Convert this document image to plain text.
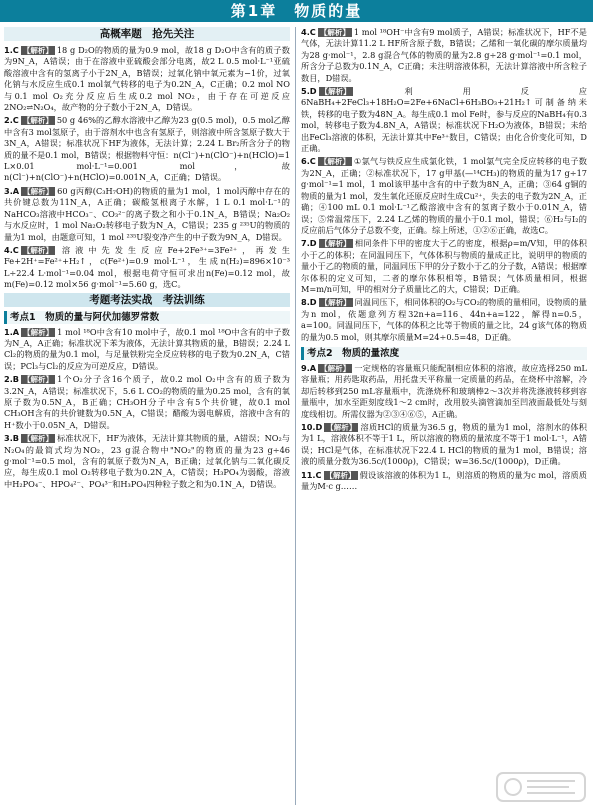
第1章　物质的量
高概率题　抢先关注

1.C 【解析】 18 g D₂O的物质的量为0.9 mol，故18 g D₂O中含有的质子数为9N_A，A错误；由于在溶液中亚硫酸会部分电离，故2 L 0.5 mol·L⁻¹亚硫酸溶液中含有的氢离子小于2N_A，B错误；过氧化钠中氧元素为−1价，过氧化钠与水反应生成0.1 mol氧气转移的电子为0.2N_A，C正确；0.2 mol NO与0.1 mol O₂充分反应后生成0.2 mol NO₂，由于存在可逆反应2NO₂⇌N₂O₄，故产物的分子数小于2N_A，D错误。

2.C 【解析】 50 g 46%的乙醇水溶液中乙醇为23 g(0.5 mol)，0.5 mol乙醇中含有3 mol氢原子，由于溶剂水中也含有氢原子，则溶液中所含氢原子数大于3N_A，A错误；标准状况下HF为液体，无法计算；2.24 L Br₂所含分子的物质的量不是0.1 mol，B错误；根据物料守恒：n(Cl⁻)+n(ClO⁻)+n(HClO)=1 L×0.01 mol·L⁻¹=0.001 mol，故n(Cl⁻)+n(ClO⁻)+n(HClO)=0.001N_A，C正确；D错误。

3.A 【解析】 60 g丙醇(C₃H₇OH)的物质的量为1 mol，1 mol丙醇中存在的共价键总数为11N_A，A正确；碳酸氢根离子水解，1 L 0.1 mol·L⁻¹的NaHCO₃溶液中HCO₃⁻、CO₃²⁻的离子数之和小于0.1N_A，B错误；Na₂O₂与水反应时，1 mol Na₂O₂转移电子数为N_A，C错误；235 g ²³⁵U的物质的量为1 mol，由题意可知，1 mol ²³⁵U裂变净产生的中子数为9N_A，D错误。

4.C 【解析】 溶液中先发生反应Fe+2Fe³⁺=3Fe²⁺，再发生Fe+2H⁺=Fe²⁺+H₂↑，c(Fe²⁺)=0.9 mol·L⁻¹，生成n(H₂)=896×10⁻³ L÷22.4 L·mol⁻¹=0.04 mol，根据电荷守恒可求出n(Fe)=0.12 mol，故m(Fe)=0.12 mol×56 g·mol⁻¹=5.60 g，选C。

考题考法实战　考法训练
考点1　物质的量与阿伏加德罗常数

1.A 【解析】 1 mol ¹⁸O中含有10 mol中子，故0.1 mol ¹⁸O中含有的中子数为N_A，A正确；标准状况下苯为液体，无法计算其物质的量，B错误；2.24 L Cl₂的物质的量为0.1 mol，与足量铁粉完全反应转移的电子数为0.2N_A，C错误；PCl₃与Cl₂的反应为可逆反应，D错误。

2.B 【解析】 1个O₂分子含16个质子，故0.2 mol O₂中含有的质子数为3.2N_A，A错误；标准状况下，5.6 L CO₂的物质的量为0.25 mol，含有的氧原子数为0.5N_A，B正确；CH₃OH分子中含有5个共价键，故0.1 mol CH₃OH含有的共价键数为0.5N_A，C错误；醋酸为弱电解质，溶液中含有的H⁺数小于0.05N_A，D错误。

3.B 【解析】 标准状况下，HF为液体，无法计算其物质的量，A错误；NO₂与N₂O₄的最简式均为NO₂，23 g混合物中"NO₂"的物质的量为23 g÷46 g·mol⁻¹=0.5 mol，含有的氧原子数为N_A，B正确；过氧化钠与二氧化碳反应，每生成0.1 mol O₂转移电子数为0.2N_A，C错误；H₃PO₄为弱酸，溶液中H₂PO₄⁻、HPO₄²⁻、PO₄³⁻和H₃PO₄四种粒子数之和为0.1N_A，D错误。

4.C 【解析】 1 mol ¹⁸OH⁻中含有9 mol质子，A错误；标准状况下，HF不是气体，无法计算11.2 L HF所含原子数，B错误；乙烯和一氧化碳的摩尔质量均为28 g·mol⁻¹，2.8 g混合气体的物质的量为2.8 g÷28 g·mol⁻¹=0.1 mol，所含分子总数为0.1N_A，C正确；未注明溶液体积，无法计算溶液中所含粒子数目，D错误。

5.D 【解析】 利用反应6NaBH₄+2FeCl₃+18H₂O=2Fe+6NaCl+6H₃BO₃+21H₂↑可制备纳米铁，转移的电子数为48N_A。每生成0.1 mol Fe时，参与反应的NaBH₄有0.3 mol，转移电子数为4.8N_A，A错误；标准状况下H₂O为液体，B错误；未给出FeCl₃溶液的体积，无法计算其中Fe³⁺数目，C错误；由化合价变化可知，D正确。

6.C 【解析】 ①氯气与铁反应生成氯化铁，1 mol氯气完全反应转移的电子数为2N_A，正确；②标准状况下，17 g甲基(—¹⁴CH₃)的物质的量为17 g÷17 g·mol⁻¹=1 mol，1 mol该甲基中含有的中子数为8N_A，正确；③64 g铜的物质的量为1 mol，发生氧化还原反应时生成Cu²⁺，失去的电子数为2N_A，正确；④100 mL 0.1 mol·L⁻¹乙酸溶液中含有的氢离子数小于0.01N_A，错误；⑤常温常压下，2.24 L乙烯的物质的量小于0.1 mol，错误；⑥H₂与I₂的反应前后气体分子总数不变，正确。综上所述，①②⑥正确，故选C。

7.D 【解析】 相同条件下甲的密度大于乙的密度，根据ρ=m/V知，甲的体积小于乙的体积；在同温同压下，气体体积与物质的量成正比，说明甲的物质的量小于乙的物质的量，同温同压下甲的分子数小于乙的分子数，A错误；根据摩尔体积的定义可知，二者的摩尔体积相等，B错误；气体质量相同，根据M=m/n可知，甲的相对分子质量比乙的大，C错误；D正确。

8.D 【解析】 同温同压下，相同体积的O₂与CO₂的物质的量相同，设物质的量为n mol，依题意列方程32n+a=116、44n+a=122，解得n=0.5，a=100。同温同压下，气体的体积之比等于物质的量之比，24 g该气体的物质的量为0.5 mol，则其摩尔质量M=24÷0.5=48，D正确。

考点2　物质的量浓度

9.A 【解析】 一定规格的容量瓶只能配制相应体积的溶液，故应选择250 mL容量瓶；用药匙取药品，用托盘天平称量一定质量的药品，在烧杯中溶解，冷却后转移到250 mL容量瓶中，洗涤烧杯和玻璃棒2～3次并将洗涤液转移到容量瓶中，加水至距刻度线1～2 cm时，改用胶头滴管滴加至凹液面最低处与刻度线相切。所需仪器为②③④⑥⑤，A正确。

10.D 【解析】 溶质HCl的质量为36.5 g，物质的量为1 mol，溶剂水的体积为1 L，溶液体积不等于1 L，所以溶液的物质的量浓度不等于1 mol·L⁻¹，A错误；HCl是气体，在标准状况下22.4 L HCl的物质的量为1 mol，B错误；溶液的质量分数为36.5c/(1000ρ)，C错误；w=36.5c/(1000ρ)，D正确。

11.C 【解析】 假设该溶液的体积为1 L，则溶质的物质的量为c mol，溶质质量为M·c g……
